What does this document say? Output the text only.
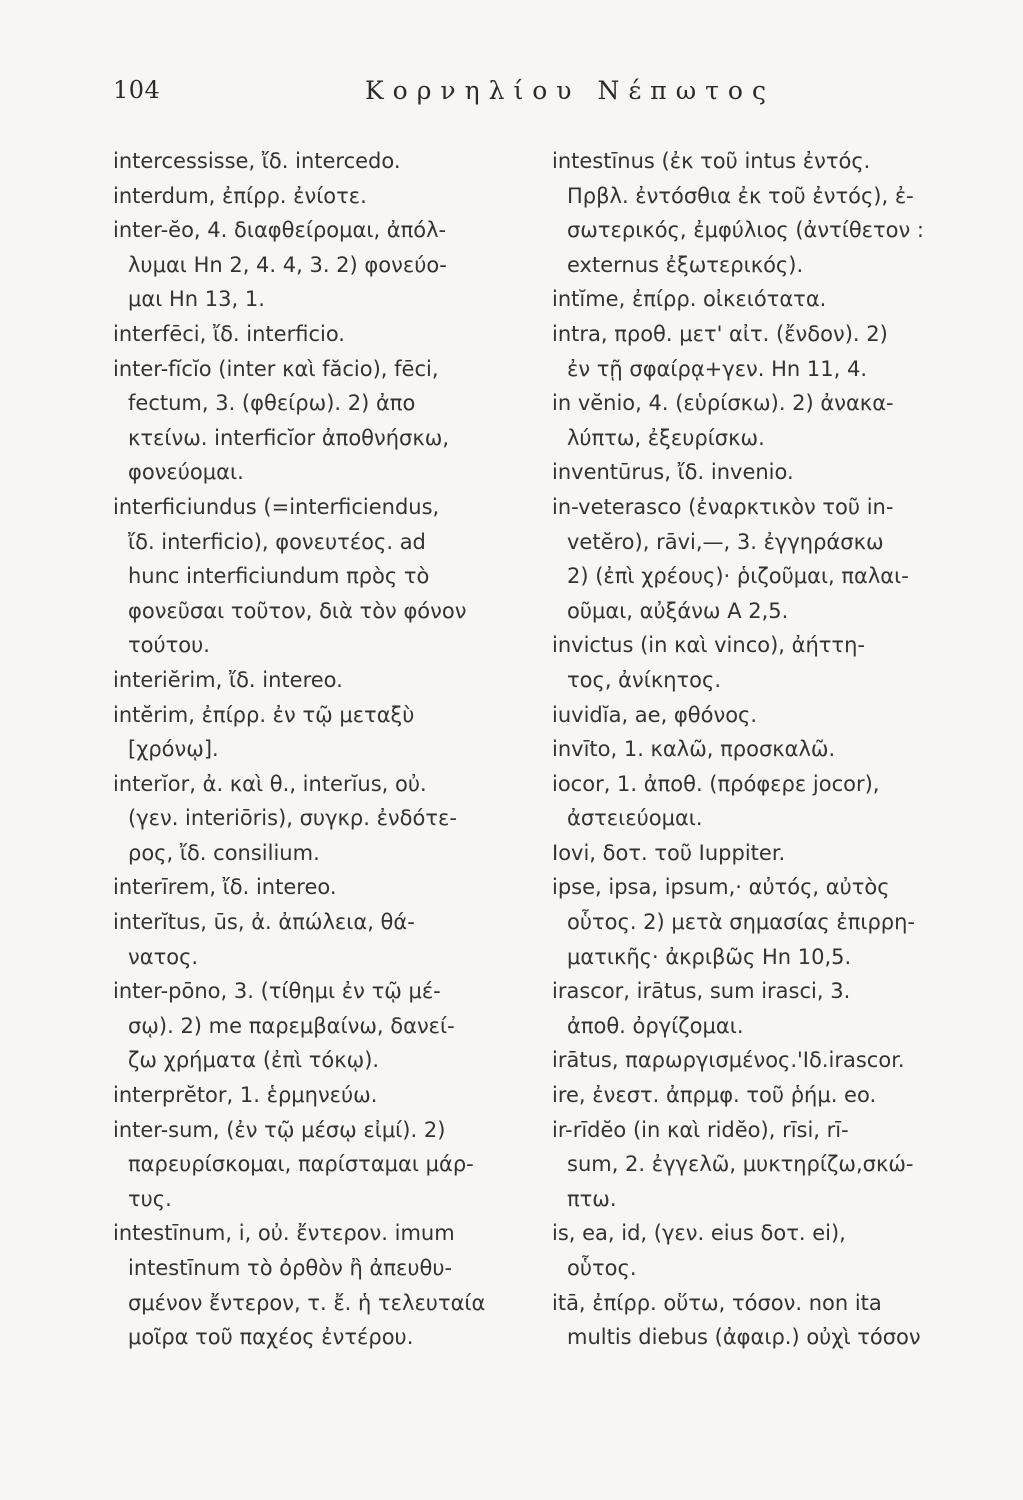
104	Κορνηλίου Νέπωτος
intercessisse, ἴδ. intercedo.
interdum, ἐπίρρ. ἐνίοτε.
inter-ĕo, 4. διαφθείρομαι, ἀπόλ-
λυμαι Hn 2, 4. 4, 3. 2) φονεύο-
μαι Hn 13, 1.
interfēci, ἴδ. interficio.
inter-fĭcĭo (inter καὶ făcio), fēci,
fectum, 3. (φθείρω). 2) ἀπο
κτείνω. interficĭor ἀποθνήσκω,
φονεύομαι.
interficiundus (=interficiendus,
ἴδ. interficio), φονευτέος. ad
hunc interficiundum πρὸς τὸ
φονεῦσαι τοῦτον, διὰ τὸν φόνον
τούτου.
interiĕrim, ἴδ. intereo.
intĕrim, ἐπίρρ. ἐν τῷ μεταξὺ
[χρόνῳ].
interĭor, ἀ. καὶ θ., interĭus, οὐ.
(γεν. interiōris), συγκρ. ἐνδότε-
ρος, ἴδ. consilium.
interīrem, ἴδ. intereo.
interĭtus, ūs, ἀ. ἀπώλεια, θά-
νατος.
inter-pōno, 3. (τίθημι ἐν τῷ μέ-
σῳ). 2) me παρεμβαίνω, δανεί-
ζω χρήματα (ἐπὶ τόκῳ).
interprĕtor, 1. ἑρμηνεύω.
inter-sum, (ἐν τῷ μέσῳ εἰμί). 2)
παρευρίσκομαι, παρίσταμαι μάρ-
τυς.
intestīnum, i, οὐ. ἔντερον. imum
intestīnum τὸ ὀρθὸν ἢ ἀπευθυ-
σμένον ἔντερον, τ. ἔ. ἡ τελευταία
μοῖρα τοῦ παχέος ἐντέρου.
intestīnus (ἐκ τοῦ intus ἐντός.
Πρβλ. ἐντόσθια ἐκ τοῦ ἐντός), ἐ-
σωτερικός, ἐμφύλιος (ἀντίθετον :
externus ἐξωτερικός).
intĭme, ἐπίρρ. οἰκειότατα.
intra, προθ. μετ' αἰτ. (ἔνδον). 2)
ἐν τῇ σφαίρᾳ+γεν. Hn 11, 4.
in vĕnio, 4. (εὑρίσκω). 2) ἀνακα-
λύπτω, ἐξευρίσκω.
inventūrus, ἴδ. invenio.
in-veterasco (ἐναρκτικὸν τοῦ in-
vetĕro), rāvi,—, 3. ἐγγηράσκω
2) (ἐπὶ χρέους)· ῥιζοῦμαι, παλαι-
οῦμαι, αὐξάνω A 2,5.
invictus (in καὶ vinco), ἀήττη-
τος, ἀνίκητος.
iuvidĭa, ae, φθόνος.
invīto, 1. καλῶ, προσκαλῶ.
iocor, 1. ἀποθ. (πρόφερε jocor),
ἀστειεύομαι.
Iovi, δοτ. τοῦ Iuppiter.
ipse, ipsa, ipsum,· αὐτός, αὐτὸς
οὗτος. 2) μετὰ σημασίας ἐπιρρη-
ματικῆς· ἀκριβῶς Hn 10,5.
irascor, irātus, sum irasci, 3.
ἀποθ. ὀργίζομαι.
irātus, παρωργισμένος.'Ιδ.irascor.
ire, ἐνεστ. ἀπρμφ. τοῦ ῥήμ. eo.
ir-rīdĕo (in καὶ ridĕo), rīsi, rī-
sum, 2. ἐγγελῶ, μυκτηρίζω,σκώ-
πτω.
is, ea, id, (γεν. eius δοτ. ei),
οὗτος.
itā, ἐπίρρ. οὕτω, τόσον. non ita
multis diebus (ἀφαιρ.) οὐχὶ τόσον
